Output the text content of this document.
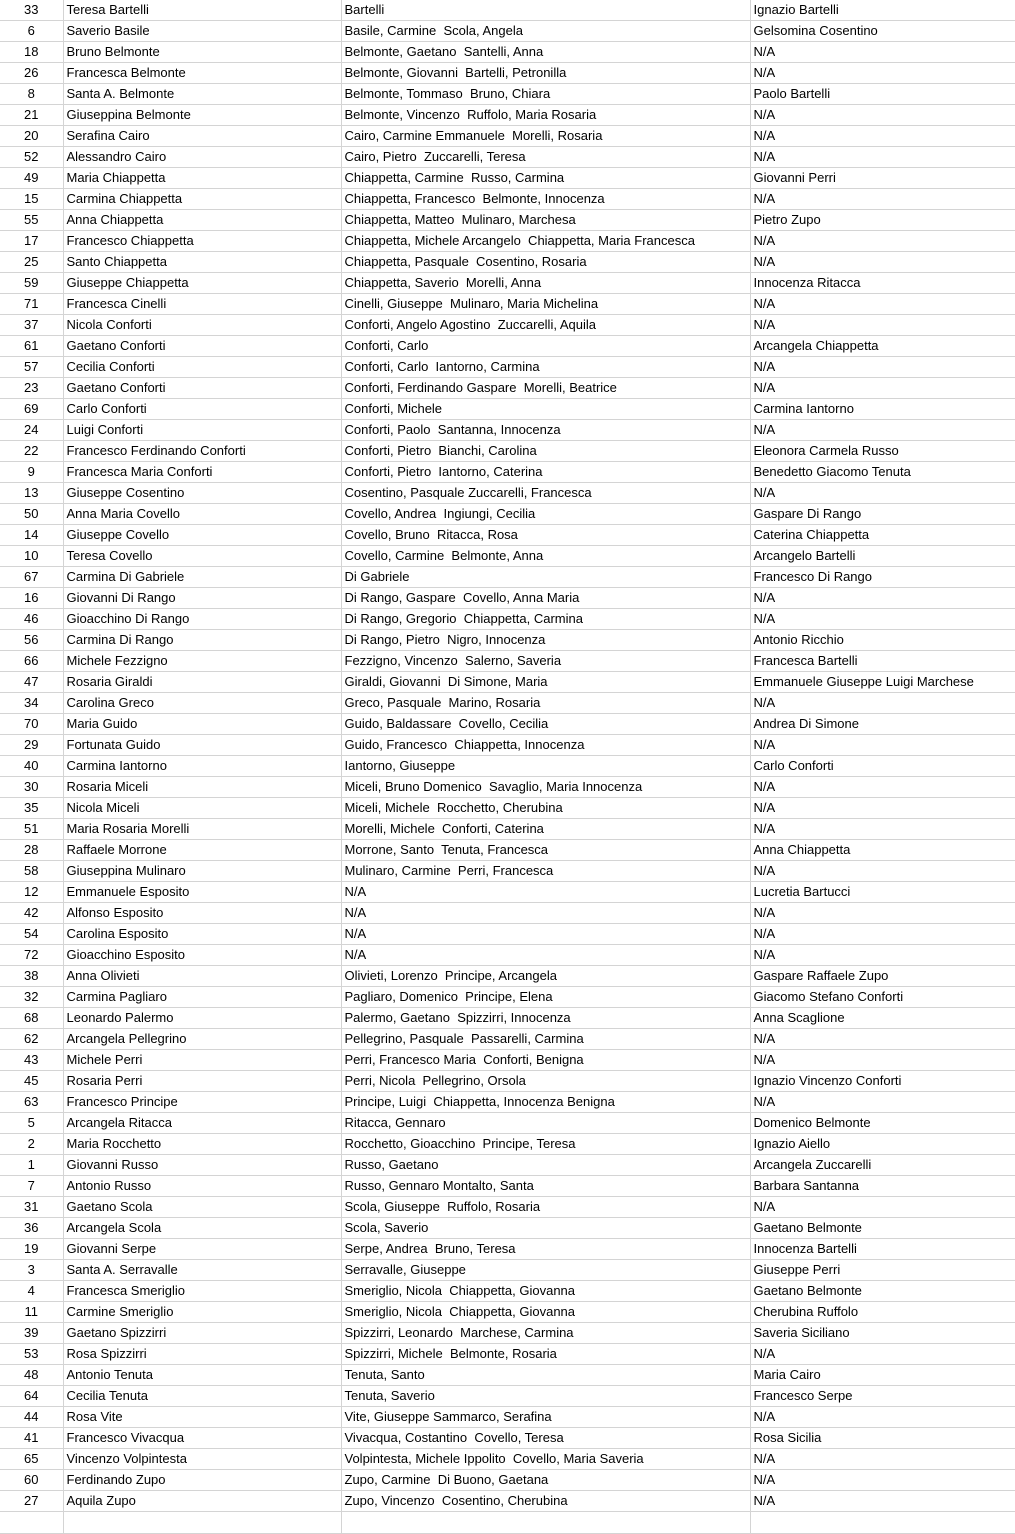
33	Teresa Bartelli	Bartelli	Ignazio Bartelli
6	Saverio Basile	Basile, Carmine  Scola, Angela	Gelsomina Cosentino
18	Bruno Belmonte	Belmonte, Gaetano  Santelli, Anna	N/A
26	Francesca Belmonte	Belmonte, Giovanni  Bartelli, Petronilla	N/A
8	Santa A. Belmonte	Belmonte, Tommaso  Bruno, Chiara	Paolo Bartelli
21	Giuseppina Belmonte	Belmonte, Vincenzo  Ruffolo, Maria Rosaria	N/A
20	Serafina Cairo	Cairo, Carmine Emmanuele  Morelli, Rosaria	N/A
52	Alessandro Cairo	Cairo, Pietro  Zuccarelli, Teresa	N/A
49	Maria Chiappetta	Chiappetta, Carmine  Russo, Carmina	Giovanni Perri
15	Carmina Chiappetta	Chiappetta, Francesco  Belmonte, Innocenza	N/A
55	Anna Chiappetta	Chiappetta, Matteo  Mulinaro, Marchesa	Pietro Zupo
17	Francesco Chiappetta	Chiappetta, Michele Arcangelo  Chiappetta, Maria Francesca	N/A
25	Santo Chiappetta	Chiappetta, Pasquale  Cosentino, Rosaria	N/A
59	Giuseppe Chiappetta	Chiappetta, Saverio  Morelli, Anna	Innocenza Ritacca
71	Francesca Cinelli	Cinelli, Giuseppe  Mulinaro, Maria Michelina	N/A
37	Nicola Conforti	Conforti, Angelo Agostino  Zuccarelli, Aquila	N/A
61	Gaetano Conforti	Conforti, Carlo	Arcangela Chiappetta
57	Cecilia Conforti	Conforti, Carlo  Iantorno, Carmina	N/A
23	Gaetano Conforti	Conforti, Ferdinando Gaspare  Morelli, Beatrice	N/A
69	Carlo Conforti	Conforti, Michele	Carmina Iantorno
24	Luigi Conforti	Conforti, Paolo  Santanna, Innocenza	N/A
22	Francesco Ferdinando Conforti	Conforti, Pietro  Bianchi, Carolina	Eleonora Carmela Russo
9	Francesca Maria Conforti	Conforti, Pietro  Iantorno, Caterina	Benedetto Giacomo Tenuta
13	Giuseppe Cosentino	Cosentino, Pasquale Zuccarelli, Francesca	N/A
50	Anna Maria Covello	Covello, Andrea  Ingiungi, Cecilia	Gaspare Di Rango
14	Giuseppe Covello	Covello, Bruno  Ritacca, Rosa	Caterina Chiappetta
10	Teresa Covello	Covello, Carmine  Belmonte, Anna	Arcangelo Bartelli
67	Carmina Di Gabriele	Di Gabriele	Francesco Di Rango
16	Giovanni Di Rango	Di Rango, Gaspare  Covello, Anna Maria	N/A
46	Gioacchino Di Rango	Di Rango, Gregorio  Chiappetta, Carmina	N/A
56	Carmina Di Rango	Di Rango, Pietro  Nigro, Innocenza	Antonio Ricchio
66	Michele Fezzigno	Fezzigno, Vincenzo  Salerno, Saveria	Francesca Bartelli
47	Rosaria Giraldi	Giraldi, Giovanni  Di Simone, Maria	Emmanuele Giuseppe Luigi Marchese
34	Carolina Greco	Greco, Pasquale  Marino, Rosaria	N/A
70	Maria Guido	Guido, Baldassare  Covello, Cecilia	Andrea Di Simone
29	Fortunata Guido	Guido, Francesco  Chiappetta, Innocenza	N/A
40	Carmina Iantorno	Iantorno, Giuseppe	Carlo Conforti
30	Rosaria Miceli	Miceli, Bruno Domenico  Savaglio, Maria Innocenza	N/A
35	Nicola Miceli	Miceli, Michele  Rocchetto, Cherubina	N/A
51	Maria Rosaria Morelli	Morelli, Michele  Conforti, Caterina	N/A
28	Raffaele Morrone	Morrone, Santo  Tenuta, Francesca	Anna Chiappetta
58	Giuseppina Mulinaro	Mulinaro, Carmine  Perri, Francesca	N/A
12	Emmanuele Esposito	N/A	Lucretia Bartucci
42	Alfonso Esposito	N/A	N/A
54	Carolina Esposito	N/A	N/A
72	Gioacchino Esposito	N/A	N/A
38	Anna Olivieti	Olivieti, Lorenzo  Principe, Arcangela	Gaspare Raffaele Zupo
32	Carmina Pagliaro	Pagliaro, Domenico  Principe, Elena	Giacomo Stefano Conforti
68	Leonardo Palermo	Palermo, Gaetano  Spizzirri, Innocenza	Anna Scaglione
62	Arcangela Pellegrino	Pellegrino, Pasquale  Passarelli, Carmina	N/A
43	Michele Perri	Perri, Francesco Maria  Conforti, Benigna	N/A
45	Rosaria Perri	Perri, Nicola  Pellegrino, Orsola	Ignazio Vincenzo Conforti
63	Francesco Principe	Principe, Luigi  Chiappetta, Innocenza Benigna	N/A
5	Arcangela Ritacca	Ritacca, Gennaro	Domenico Belmonte
2	Maria Rocchetto	Rocchetto, Gioacchino  Principe, Teresa	Ignazio Aiello
1	Giovanni Russo	Russo, Gaetano	Arcangela Zuccarelli
7	Antonio Russo	Russo, Gennaro Montalto, Santa	Barbara Santanna
31	Gaetano Scola	Scola, Giuseppe  Ruffolo, Rosaria	N/A
36	Arcangela Scola	Scola, Saverio	Gaetano Belmonte
19	Giovanni Serpe	Serpe, Andrea  Bruno, Teresa	Innocenza Bartelli
3	Santa A. Serravalle	Serravalle, Giuseppe	Giuseppe Perri
4	Francesca Smeriglio	Smeriglio, Nicola  Chiappetta, Giovanna	Gaetano Belmonte
11	Carmine Smeriglio	Smeriglio, Nicola  Chiappetta, Giovanna	Cherubina Ruffolo
39	Gaetano Spizzirri	Spizzirri, Leonardo  Marchese, Carmina	Saveria Siciliano
53	Rosa Spizzirri	Spizzirri, Michele  Belmonte, Rosaria	N/A
48	Antonio Tenuta	Tenuta, Santo	Maria Cairo
64	Cecilia Tenuta	Tenuta, Saverio	Francesco Serpe
44	Rosa Vite	Vite, Giuseppe Sammarco, Serafina	N/A
41	Francesco Vivacqua	Vivacqua, Costantino  Covello, Teresa	Rosa Sicilia
65	Vincenzo Volpintesta	Volpintesta, Michele Ippolito  Covello, Maria Saveria	N/A
60	Ferdinando Zupo	Zupo, Carmine  Di Buono, Gaetana	N/A
27	Aquila Zupo	Zupo, Vincenzo  Cosentino, Cherubina	N/A
